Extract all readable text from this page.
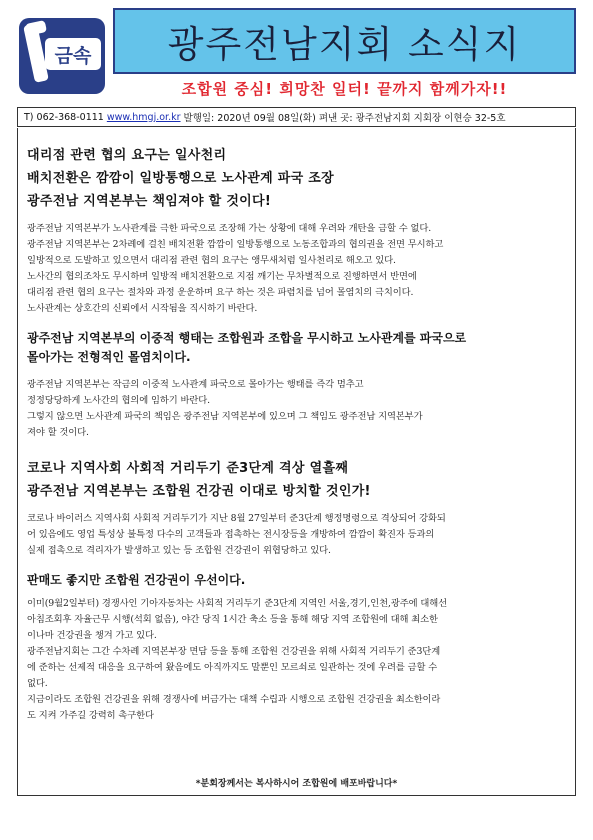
금속 광주전남지회 소식지
조합원 중심! 희망찬 일터! 끝까지 함께가자!!
T) 062-368-0111 www.hmgj.or.kr 발행일: 2020년 09월 08일(화) 펴낸 곳: 광주전남지회 지회장 이현승 32-5호

대리점 관련 협의 요구는 일사천리

배치전환은 깜깜이 일방통행으로 노사관계 파국 조장

광주전남 지역본부는 책임져야 할 것이다!

광주전남 지역본부가 노사관계를 극한 파국으로 조장해 가는 상황에 대해 우려와 개탄을 금할 수 없다.

광주전남 지역본부는 2차례에 걸친 배치전환 깜깜이 일방통행으로 노동조합과의 협의권을 전면 무시하고

일방적으로 도발하고 있으면서 대리점 관련 협의 요구는 앵무새처럼 일사천리로 해오고 있다.

노사간의 협의조차도 무시하며 일방적 배치전환으로 지점 깨기는 무차별적으로 진행하면서 반면에

대리점 관련 협의 요구는 절차와 과정 운운하며 요구 하는 것은 파렴치를 넘어 몰염치의 극치이다.

노사관계는 상호간의 신뢰에서 시작됨을 직시하기 바란다.

광주전남 지역본부의 이중적 행태는 조합원과 조합을 무시하고 노사관계를 파국으로

몰아가는 전형적인 몰염치이다.

광주전남 지역본부는 작금의 이중적 노사관계 파국으로 몰아가는 행태를 즉각 멈추고

정정당당하게 노사간의 협의에 임하기 바란다.

그렇지 않으면 노사관계 파국의 책임은 광주전남 지역본부에 있으며 그 책임도 광주전남 지역본부가

져야 할 것이다.

코로나 지역사회 사회적 거리두기 준3단계 격상 열흘째

광주전남 지역본부는 조합원 건강권 이대로 방치할 것인가!

코로나 바이러스 지역사회 사회적 거리두기가 지난 8월 27일부터 준3단계 행정명령으로 격상되어 강화되

어 있음에도 영업 특성상 불특정 다수의 고객들과 접촉하는 전시장등을 개방하여 깜깜이 확진자 등과의

실제 접촉으로 격리자가 발생하고 있는 등 조합원 건강권이 위협당하고 있다.

판매도 좋지만 조합원 건강권이 우선이다.

이미(9월2일부터) 경쟁사인 기아자동차는 사회적 거리두기 준3단계 지역인 서울,경기,인천,광주에 대해선

아침조회후 자율근무 시행(석회 없음), 야간 당직 1시간 축소 등을 통해 해당 지역 조합원에 대해 최소한

이나마 건강권을 챙겨 가고 있다.

광주전남지회는 그간 수차례 지역본부장 면담 등을 통해 조합원 건강권을 위해 사회적 거리두기 준3단계

에 준하는 선제적 대응을 요구하여 왔음에도 아직까지도 말뿐인 모르쇠로 일관하는 것에 우려를 금할 수

없다.

지금이라도 조합원 건강권을 위해 경쟁사에 버금가는 대책 수립과 시행으로 조합원 건강권을 최소한이라

도 지켜 가주길 강력히 촉구한다

*분회장께서는 복사하시어 조합원에 배포바랍니다*
